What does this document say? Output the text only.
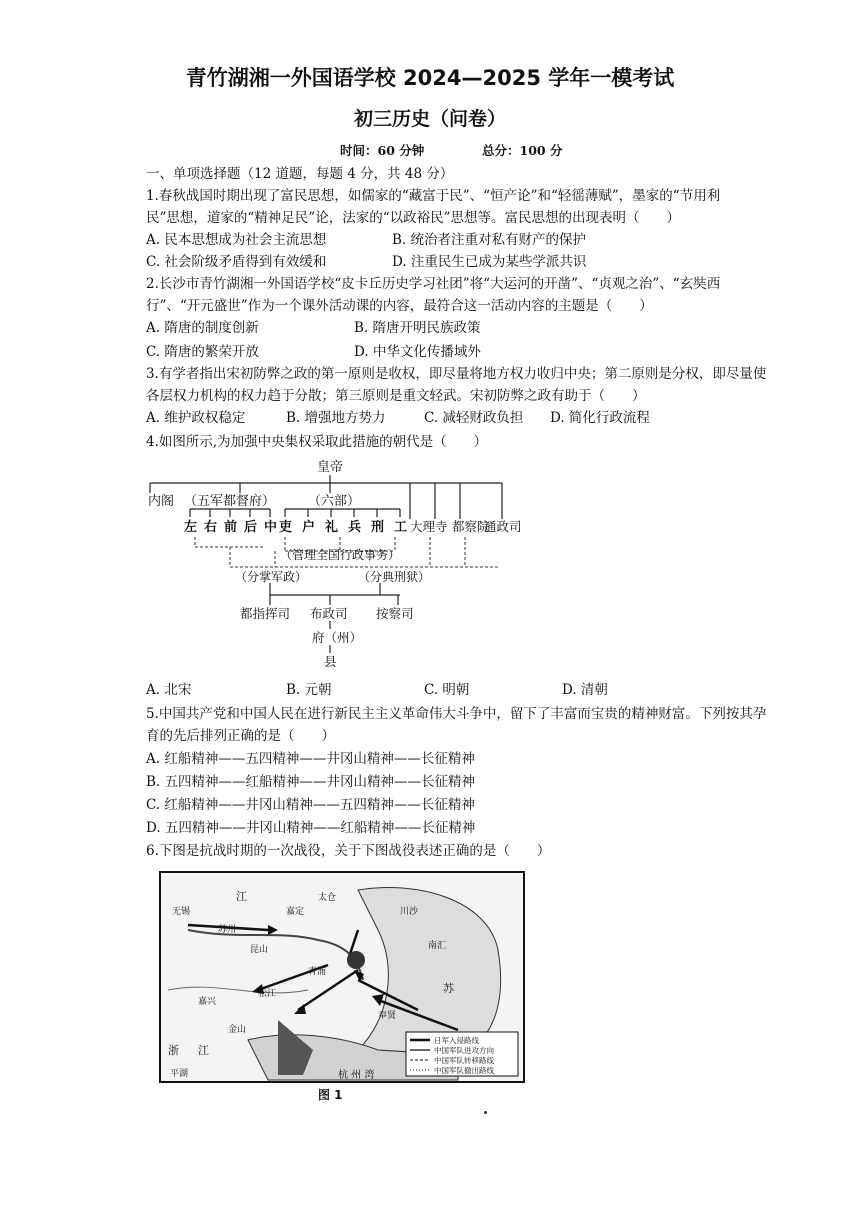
青竹湖湘一外国语学校 2024—2025 学年一模考试
初三历史（问卷）
时间：60 分钟	总分：100 分
一、单项选择题（12 道题，每题 4 分，共 48 分）
1.春秋战国时期出现了富民思想，如儒家的“藏富于民”、“恒产论”和“轻徭薄赋”，墨家的“节用利
民”思想，道家的“精神足民”论，法家的“以政裕民”思想等。富民思想的出现表明（　　）
A. 民本思想成为社会主流思想	B. 统治者注重对私有财产的保护
C. 社会阶级矛盾得到有效缓和	D. 注重民生已成为某些学派共识
2.长沙市青竹湖湘一外国语学校“皮卡丘历史学习社团”将“大运河的开凿”、“贞观之治”、“玄奘西
行”、“开元盛世”作为一个课外活动课的内容，最符合这一活动内容的主题是（　　）
A. 隋唐的制度创新	B. 隋唐开明民族政策
C. 隋唐的繁荣开放	D. 中华文化传播域外
3.有学者指出宋初防弊之政的第一原则是收权，即尽量将地方权力收归中央；第二原则是分权，即尽量使
各层权力机构的权力趋于分散；第三原则是重文轻武。宋初防弊之政有助于（　　）
A. 维护政权稳定	B. 增强地方势力	C. 减轻财政负担 D. 简化行政流程
4.如图所示,为加强中央集权采取此措施的朝代是（　　）
皇帝
内阁 （五军都督府）	（六部）
左 右 前 后 中 吏 户 礼 兵 刑 工 大理寺 都察院
通政司
（管理全国行政事务）
（分掌军政）	（分典刑狱）
都指挥司 布政司 按察司
府（州）
县
A. 北宋	B. 元朝	C. 明朝	D. 清朝
5.中国共产党和中国人民在进行新民主主义革命伟大斗争中，留下了丰富而宝贵的精神财富。下列按其孕
育的先后排列正确的是（　　）
A. 红船精神——五四精神——井冈山精神——长征精神
B. 五四精神——红船精神——井冈山精神——长征精神
C. 红船精神——井冈山精神——五四精神——长征精神
D. 五四精神——井冈山精神——红船精神——长征精神
6.下图是抗战时期的一次战役，关于下图战役表述正确的是（　　）
江
苏
浙 江
杭 州 湾
南汇
川沙
平湖
金山
松江
嘉定
太仓
昆山
奉贤
青浦
无锡
苏州
嘉兴
日军入侵路线
中国军队进攻方向
中国军队转移路线
中国军队撤出路线
图 1
